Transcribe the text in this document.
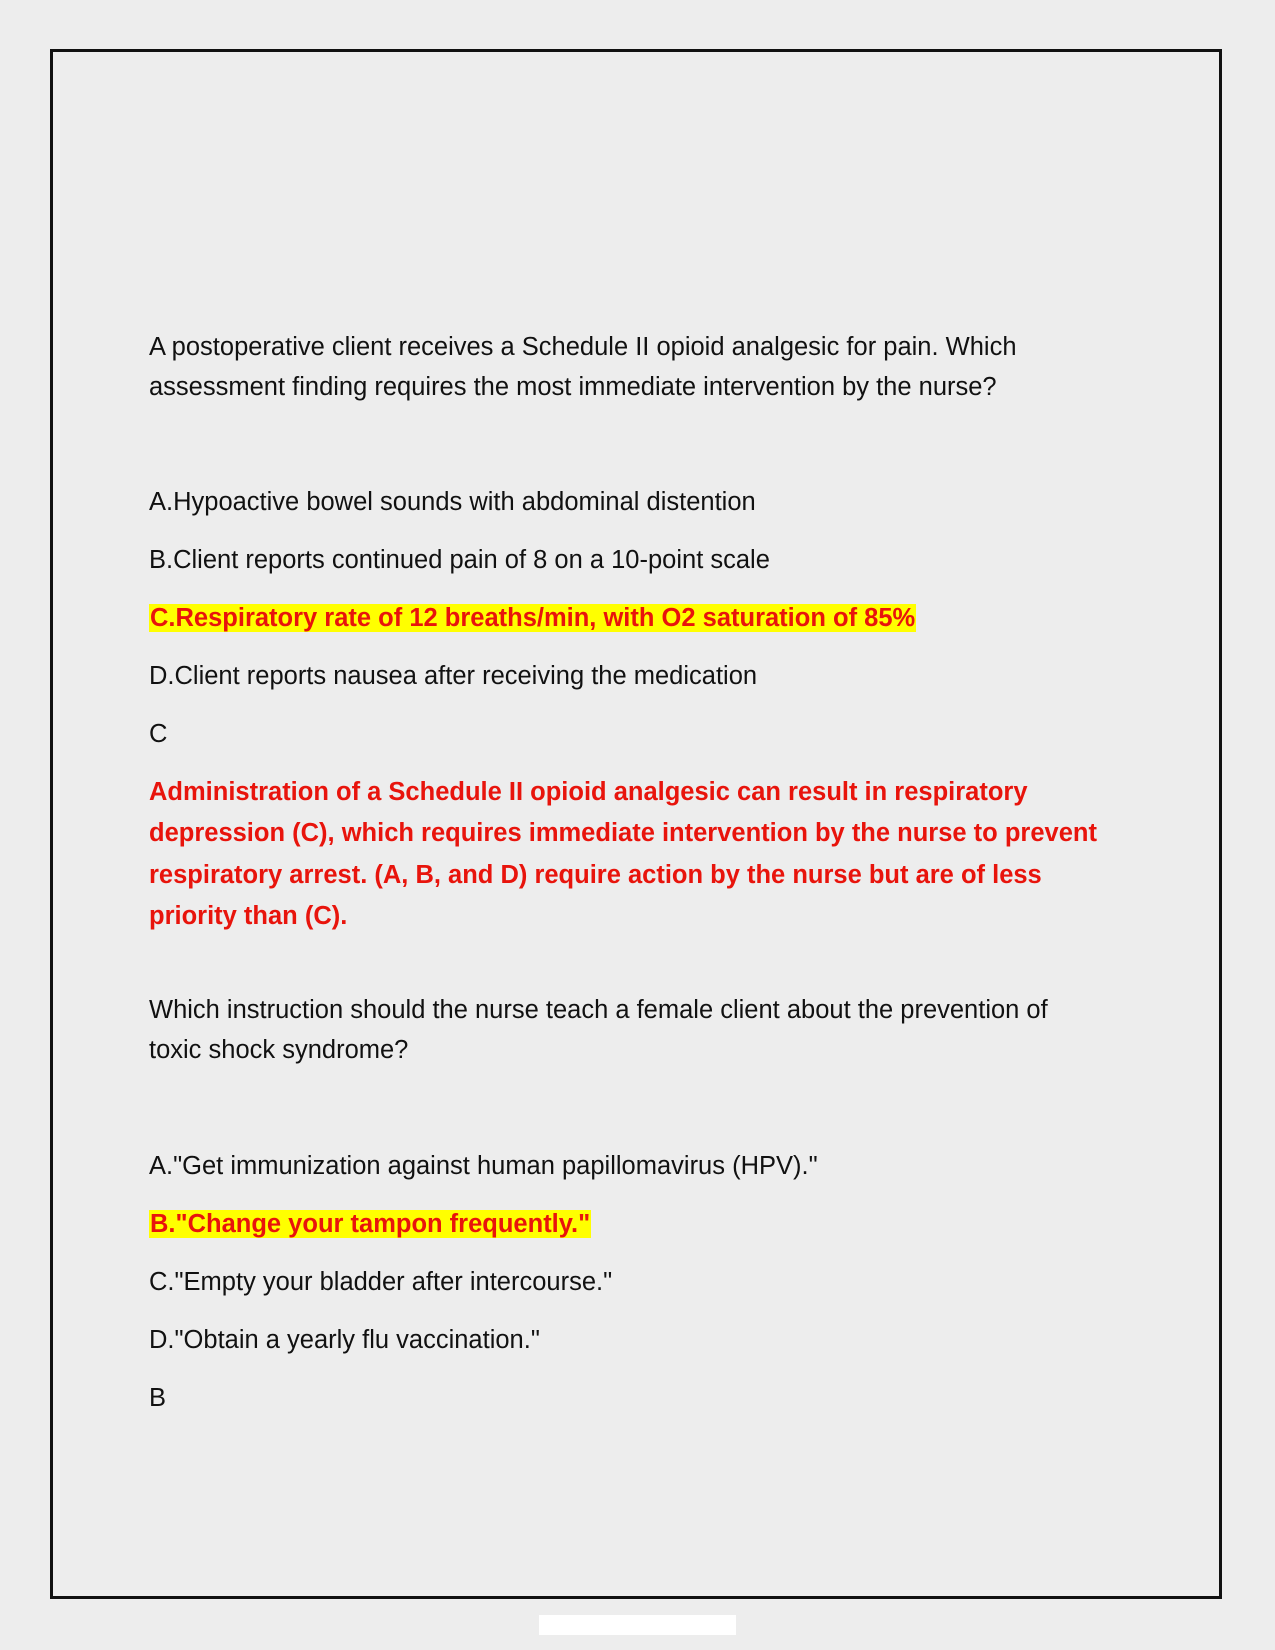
A postoperative client receives a Schedule II opioid analgesic for pain. Which
assessment finding requires the most immediate intervention by the nurse?
A.Hypoactive bowel sounds with abdominal distention
B.Client reports continued pain of 8 on a 10-point scale
C.Respiratory rate of 12 breaths/min, with O2 saturation of 85%
D.Client reports nausea after receiving the medication
C
Administration of a Schedule II opioid analgesic can result in respiratory
depression (C), which requires immediate intervention by the nurse to prevent
respiratory arrest. (A, B, and D) require action by the nurse but are of less
priority than (C).
Which instruction should the nurse teach a female client about the prevention of
toxic shock syndrome?
A."Get immunization against human papillomavirus (HPV)."
B."Change your tampon frequently."
C."Empty your bladder after intercourse."
D."Obtain a yearly flu vaccination."
B
